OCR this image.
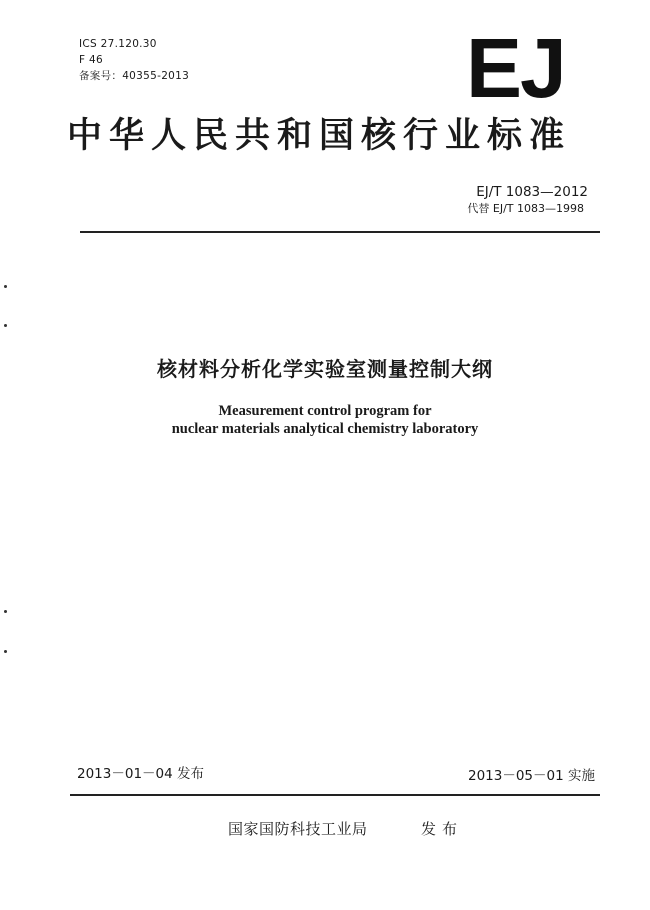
ICS 27.120.30
F 46
备案号：40355-2013	EJ
中华人民共和国核行业标准
EJ/T 1083—2012
代替 EJ/T 1083—1998
核材料分析化学实验室测量控制大纲
Measurement control program for
nuclear materials analytical chemistry laboratory
2013－01－04 发布	2013－05－01 实施
国家国防科技工业局	发布
